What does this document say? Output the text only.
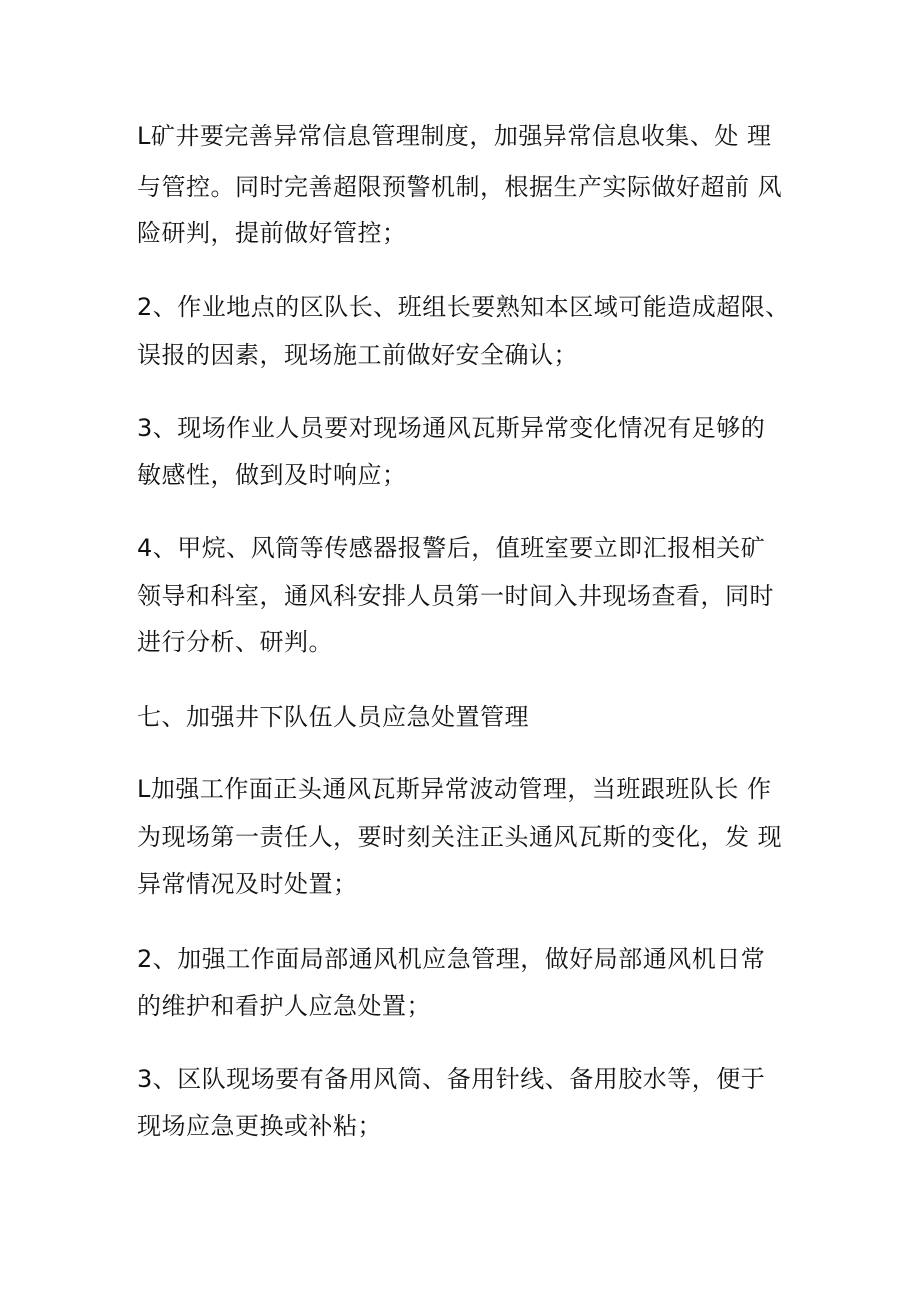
L矿井要完善异常信息管理制度，加强异常信息收集、处 理

与管控。同时完善超限预警机制，根据生产实际做好超前 风

险研判，提前做好管控；

2、作业地点的区队长、班组长要熟知本区域可能造成超限、

误报的因素，现场施工前做好安全确认；

3、现场作业人员要对现场通风瓦斯异常变化情况有足够的

敏感性，做到及时响应；

4、甲烷、风筒等传感器报警后，值班室要立即汇报相关矿

领导和科室，通风科安排人员第一时间入井现场查看，同时

进行分析、研判。

七、加强井下队伍人员应急处置管理

L加强工作面正头通风瓦斯异常波动管理，当班跟班队长 作

为现场第一责任人，要时刻关注正头通风瓦斯的变化，发 现

异常情况及时处置；

2、加强工作面局部通风机应急管理，做好局部通风机日常

的维护和看护人应急处置；

3、区队现场要有备用风筒、备用针线、备用胶水等，便于

现场应急更换或补粘；
